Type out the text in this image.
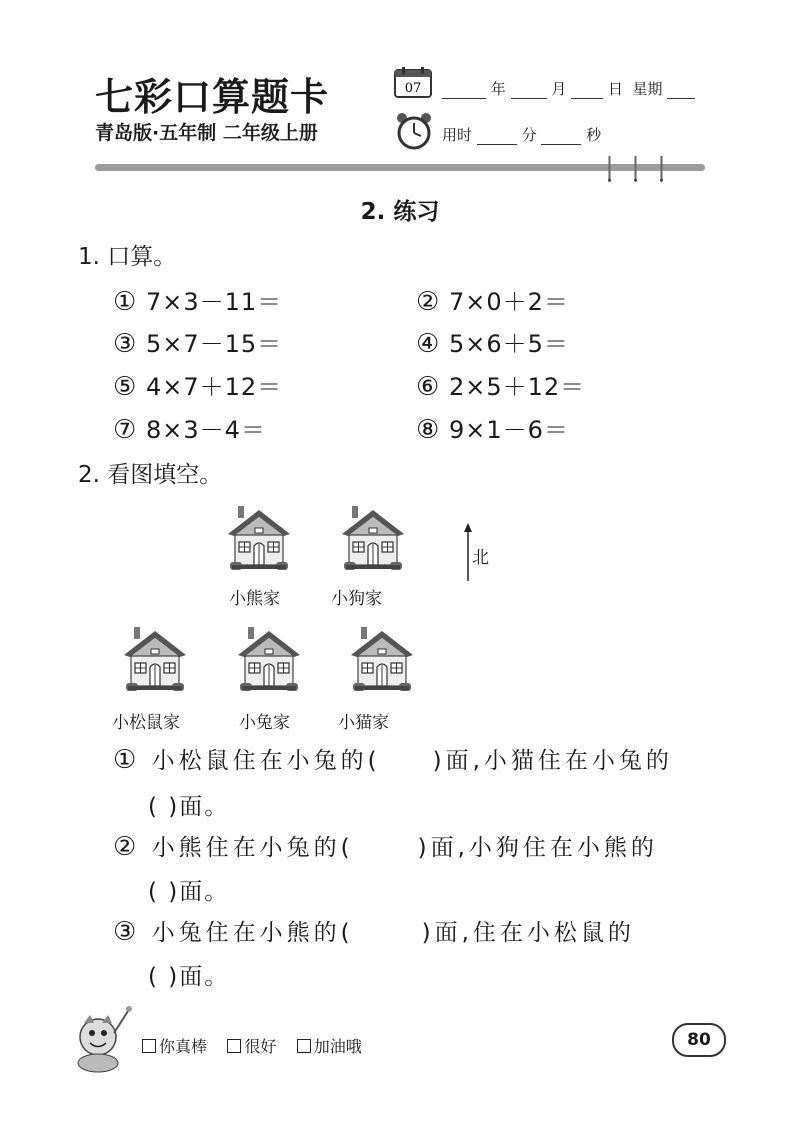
七彩口算题卡
青岛版·五年制 二年级上册
07	年	月	日 星期
用时	分	秒
2. 练习
1. 口算。
① 7×3－11＝	② 7×0＋2＝
③ 5×7－15＝	④ 5×6＋5＝
⑤ 4×7＋12＝	⑥ 2×5＋12＝
⑦ 8×3－4＝	⑧ 9×1－6＝
2. 看图填空。
小熊家	小狗家
北
小松鼠家	小兔家	小猫家
① 小松鼠住在小兔的( )面,小猫住在小兔的
( )面。
② 小熊住在小兔的(	)面,小狗住在小熊的
( )面。
③ 小兔住在小熊的(	)面,住在小松鼠的
( )面。
你真棒 很好 加油哦	80
